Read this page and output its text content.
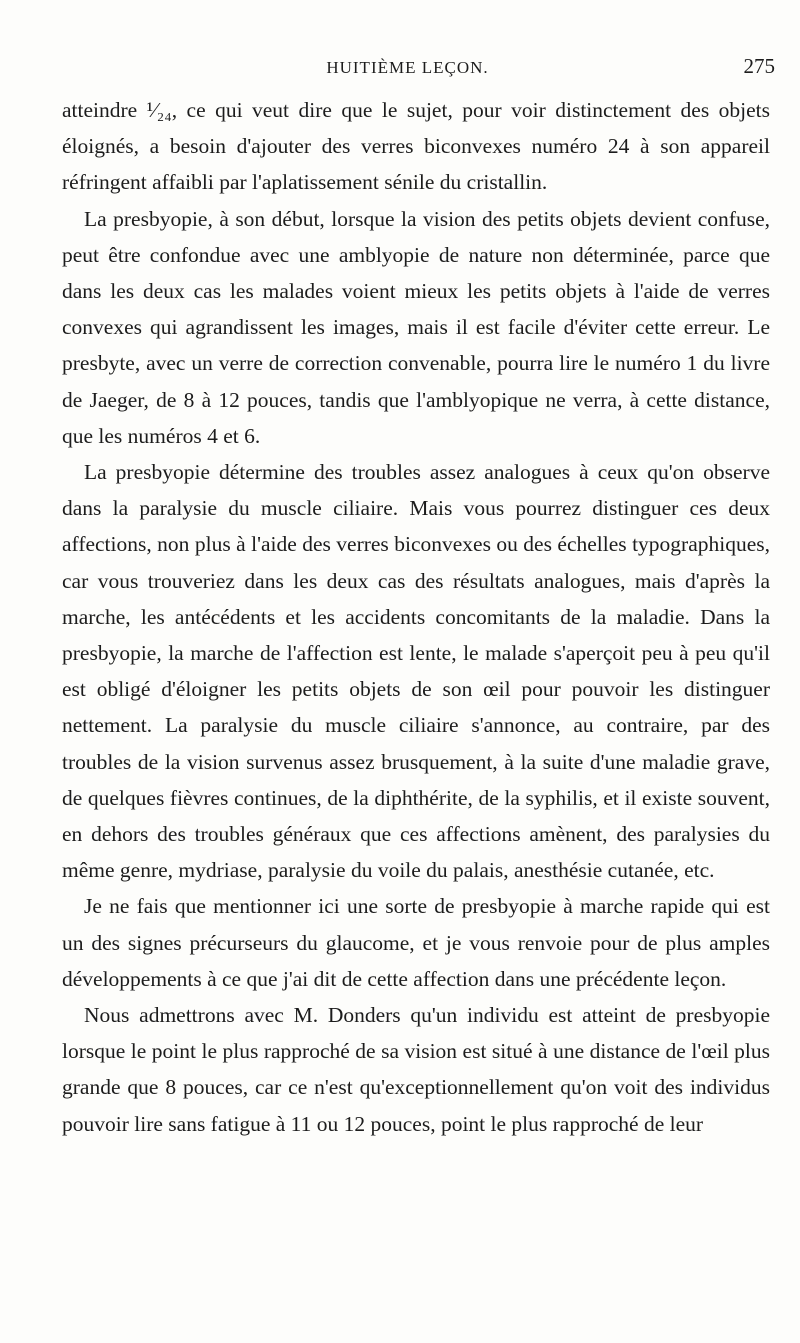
HUITIÈME LEÇON.	275

atteindre ¹⁄₂₄, ce qui veut dire que le sujet, pour voir distinctement des objets éloignés, a besoin d'ajouter des verres biconvexes numéro 24 à son appareil réfringent affaibli par l'aplatissement sénile du cristallin.

La presbyopie, à son début, lorsque la vision des petits objets devient confuse, peut être confondue avec une amblyopie de nature non déterminée, parce que dans les deux cas les malades voient mieux les petits objets à l'aide de verres convexes qui agrandissent les images, mais il est facile d'éviter cette erreur. Le presbyte, avec un verre de correction convenable, pourra lire le numéro 1 du livre de Jaeger, de 8 à 12 pouces, tandis que l'amblyopique ne verra, à cette distance, que les numéros 4 et 6.

La presbyopie détermine des troubles assez analogues à ceux qu'on observe dans la paralysie du muscle ciliaire. Mais vous pourrez distinguer ces deux affections, non plus à l'aide des verres biconvexes ou des échelles typographiques, car vous trouveriez dans les deux cas des résultats analogues, mais d'après la marche, les antécédents et les accidents concomitants de la maladie. Dans la presbyopie, la marche de l'affection est lente, le malade s'aperçoit peu à peu qu'il est obligé d'éloigner les petits objets de son œil pour pouvoir les distinguer nettement. La paralysie du muscle ciliaire s'annonce, au contraire, par des troubles de la vision survenus assez brusquement, à la suite d'une maladie grave, de quelques fièvres continues, de la diphthérite, de la syphilis, et il existe souvent, en dehors des troubles généraux que ces affections amènent, des paralysies du même genre, mydriase, paralysie du voile du palais, anesthésie cutanée, etc.

Je ne fais que mentionner ici une sorte de presbyopie à marche rapide qui est un des signes précurseurs du glaucome, et je vous renvoie pour de plus amples développements à ce que j'ai dit de cette affection dans une précédente leçon.

Nous admettrons avec M. Donders qu'un individu est atteint de presbyopie lorsque le point le plus rapproché de sa vision est situé à une distance de l'œil plus grande que 8 pouces, car ce n'est qu'exceptionnellement qu'on voit des individus pouvoir lire sans fatigue à 11 ou 12 pouces, point le plus rapproché de leur
